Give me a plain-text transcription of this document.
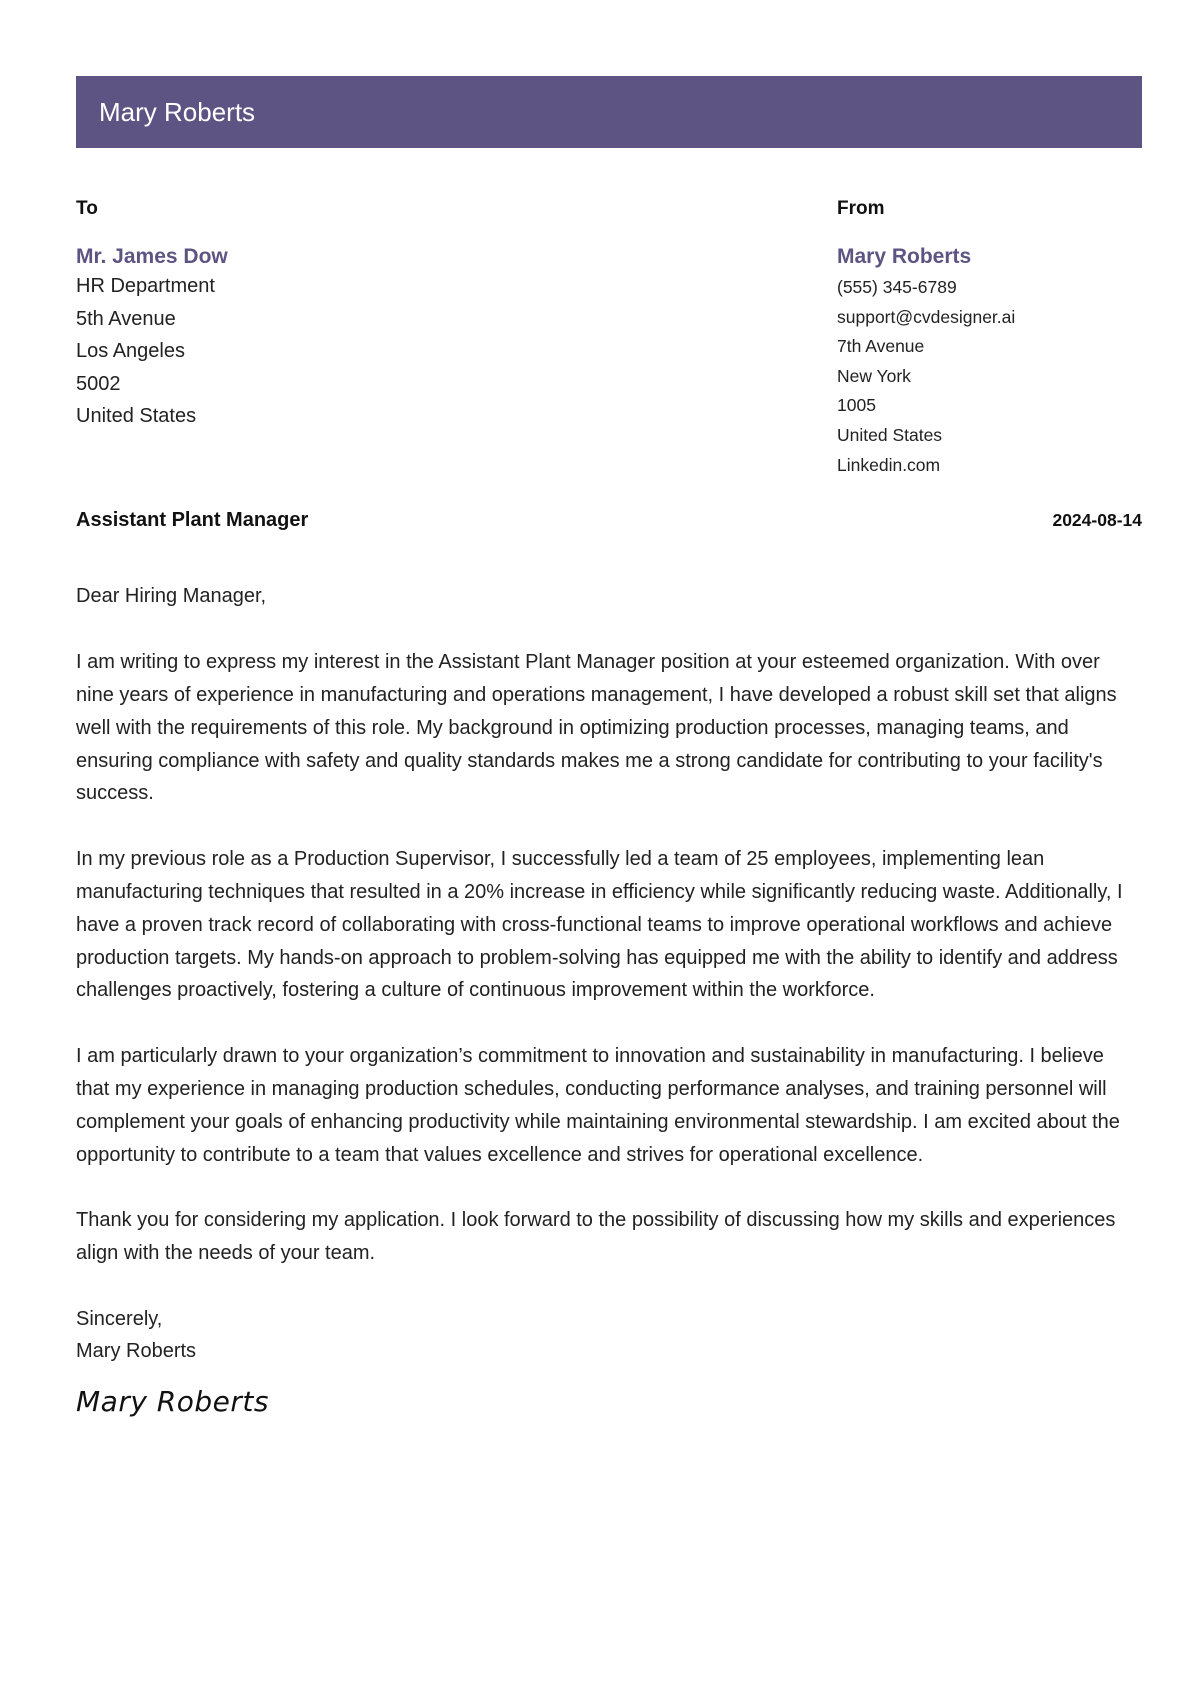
Mary Roberts
To
Mr. James Dow
HR Department
5th Avenue
Los Angeles
5002
United States
From
Mary Roberts
(555) 345-6789
support@cvdesigner.ai
7th Avenue
New York
1005
United States
Linkedin.com
Assistant Plant Manager	2024-08-14
Dear Hiring Manager,
I am writing to express my interest in the Assistant Plant Manager position at your esteemed organization. With over nine years of experience in manufacturing and operations management, I have developed a robust skill set that aligns well with the requirements of this role. My background in optimizing production processes, managing teams, and ensuring compliance with safety and quality standards makes me a strong candidate for contributing to your facility's success.
In my previous role as a Production Supervisor, I successfully led a team of 25 employees, implementing lean manufacturing techniques that resulted in a 20% increase in efficiency while significantly reducing waste. Additionally, I have a proven track record of collaborating with cross-functional teams to improve operational workflows and achieve production targets. My hands-on approach to problem-solving has equipped me with the ability to identify and address challenges proactively, fostering a culture of continuous improvement within the workforce.
I am particularly drawn to your organization’s commitment to innovation and sustainability in manufacturing. I believe that my experience in managing production schedules, conducting performance analyses, and training personnel will complement your goals of enhancing productivity while maintaining environmental stewardship. I am excited about the opportunity to contribute to a team that values excellence and strives for operational excellence.
Thank you for considering my application. I look forward to the possibility of discussing how my skills and experiences align with the needs of your team.
Sincerely,
Mary Roberts
Mary Roberts
